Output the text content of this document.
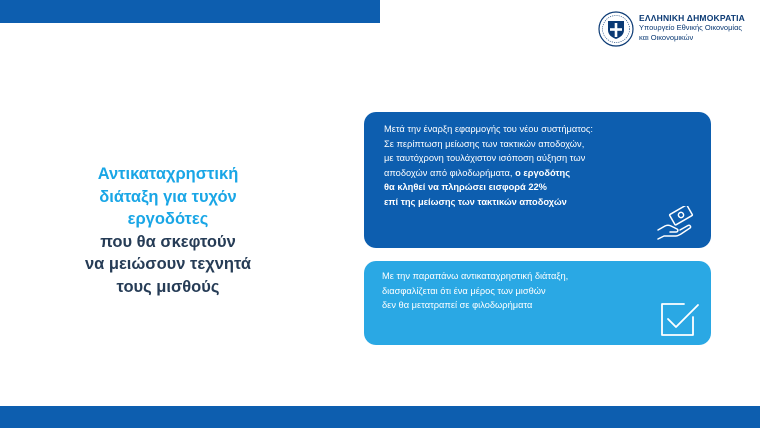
ΕΛΛΗΝΙΚΗ ΔΗΜΟΚΡΑΤΙΑ
Υπουργείο Εθνικής Οικονομίας
και Οικονομικών
Αντικαταχρηστική
διάταξη για τυχόν
εργοδότες
που θα σκεφτούν
να μειώσουν τεχνητά
τους μισθούς
Μετά την έναρξη εφαρμογής του νέου συστήματος:
Σε περίπτωση μείωσης των τακτικών αποδοχών,
με ταυτόχρονη τουλάχιστον ισόποση αύξηση των
αποδοχών από φιλοδωρήματα, ο εργοδότης
θα κληθεί να πληρώσει εισφορά 22%
επί της μείωσης των τακτικών αποδοχών
Με την παραπάνω αντικαταχρηστική διάταξη,
διασφαλίζεται ότι ένα μέρος των μισθών
δεν θα μετατραπεί σε φιλοδωρήματα
